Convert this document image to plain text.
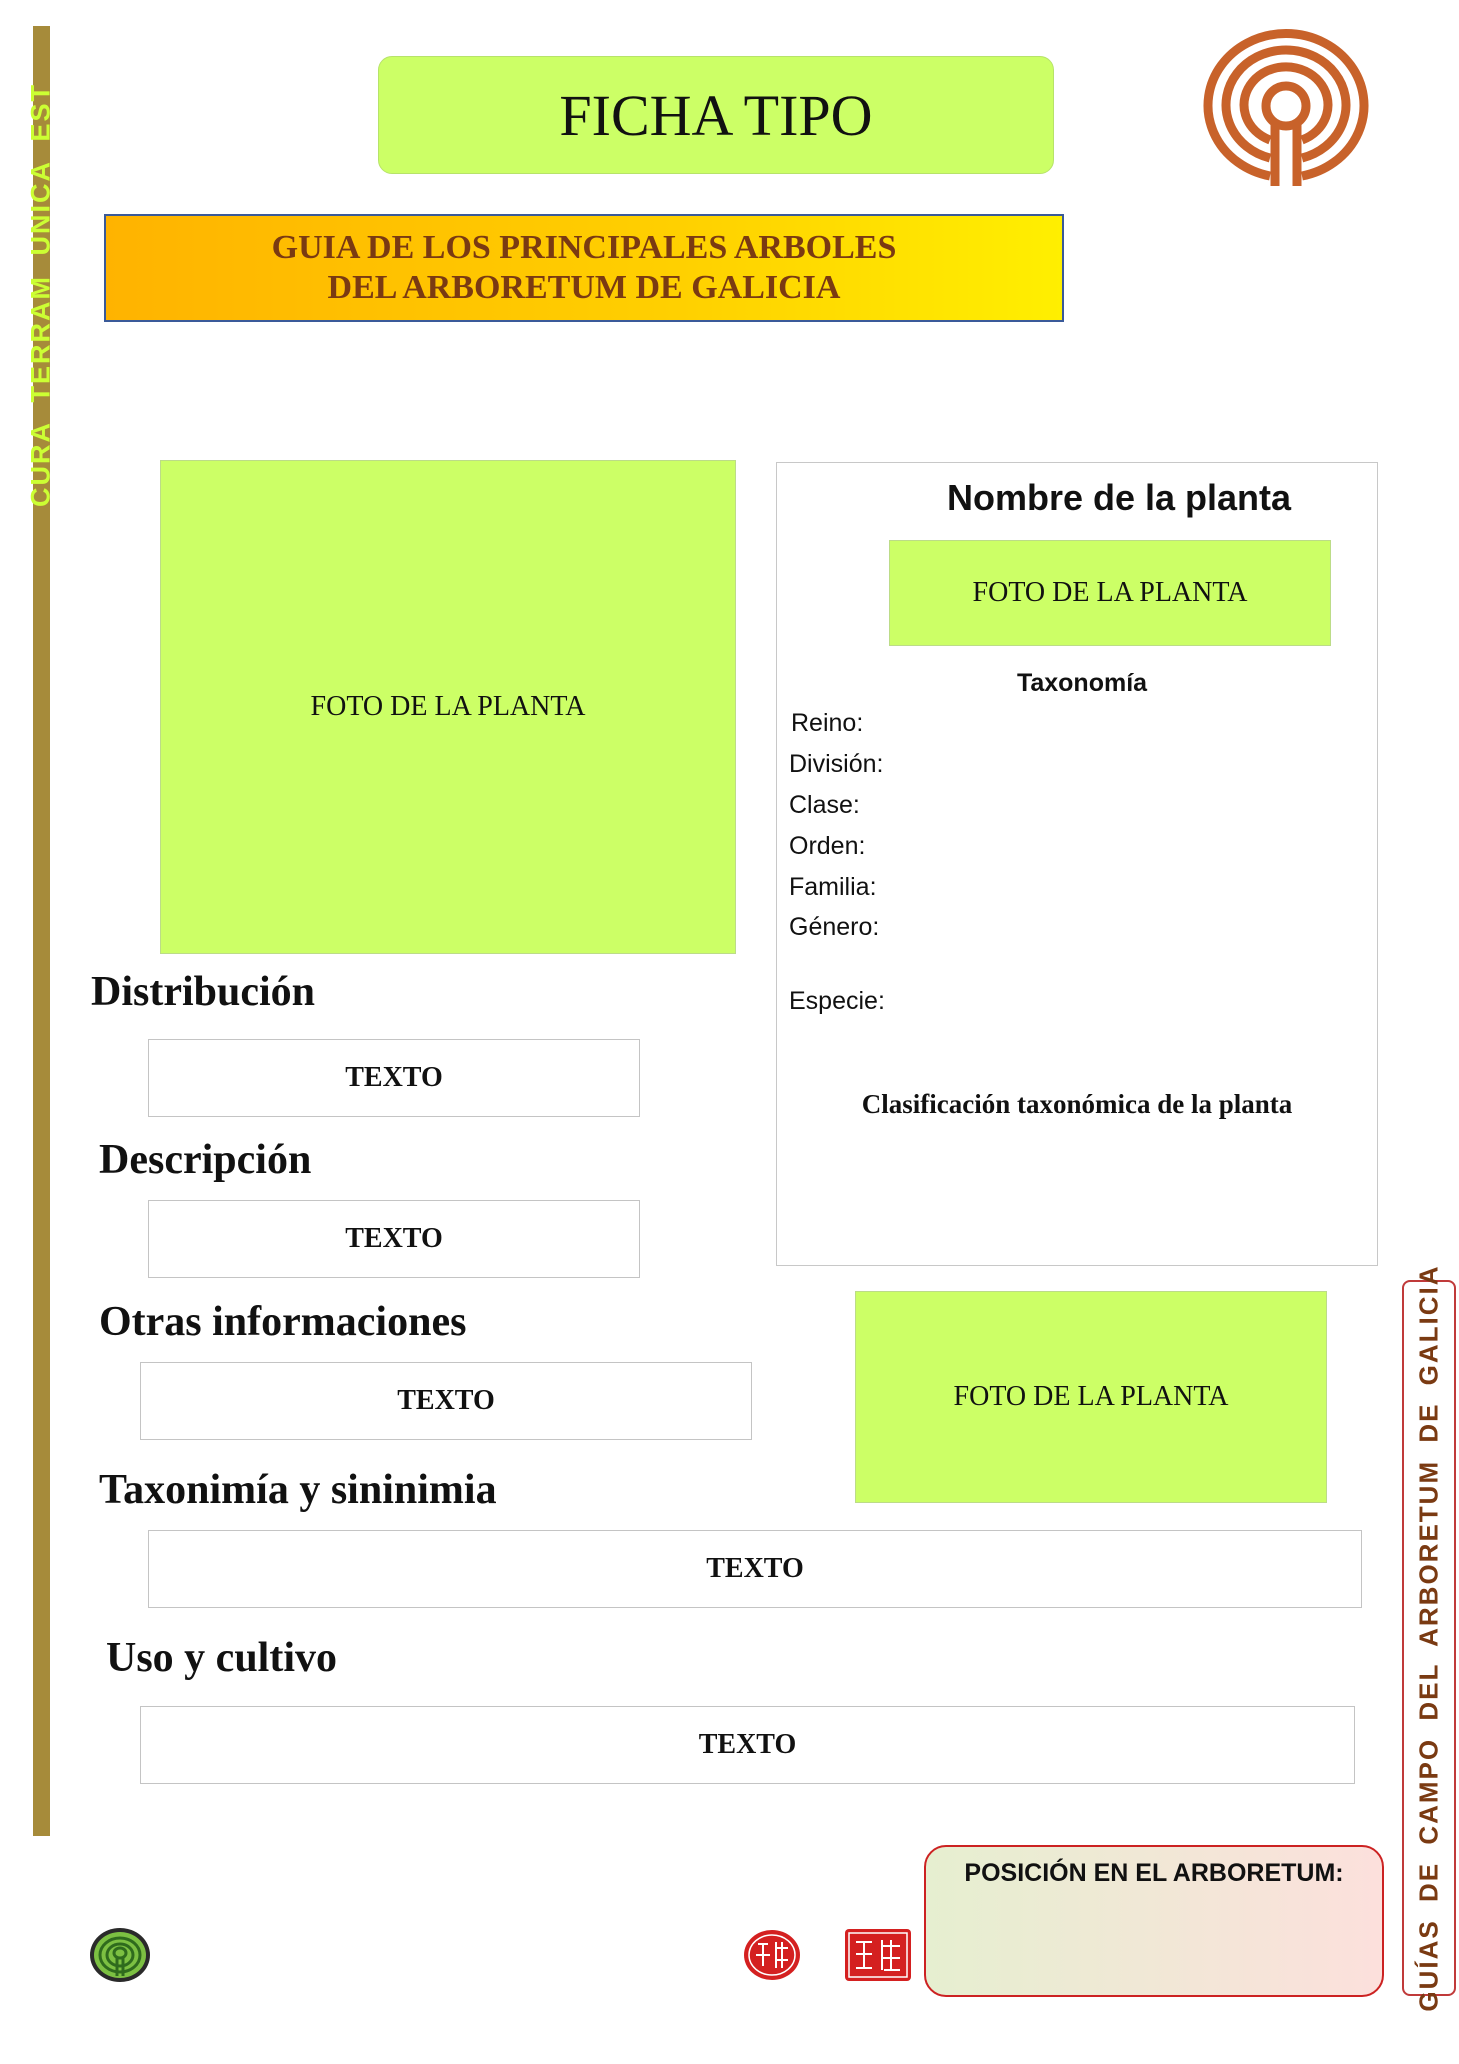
CURA TERRAM UNICA EST	FICHA TIPO
GUIA DE LOS PRINCIPALES ARBOLES
DEL ARBORETUM DE GALICIA
FOTO DE LA PLANTA
Nombre de la planta
FOTO DE LA PLANTA
Taxonomía
Reino:
División:
Clase:
Orden:
Familia:
Género:
Especie:
Clasificación taxonómica de la planta
Distribución
TEXTO
Descripción
TEXTO
Otras informaciones
TEXTO
Taxonimía y sininimia
TEXTO
Uso y cultivo
TEXTO
FOTO DE LA PLANTA	GUÍAS DE CAMPO DEL ARBORETUM DE GALICIA
POSICIÓN EN EL ARBORETUM:
